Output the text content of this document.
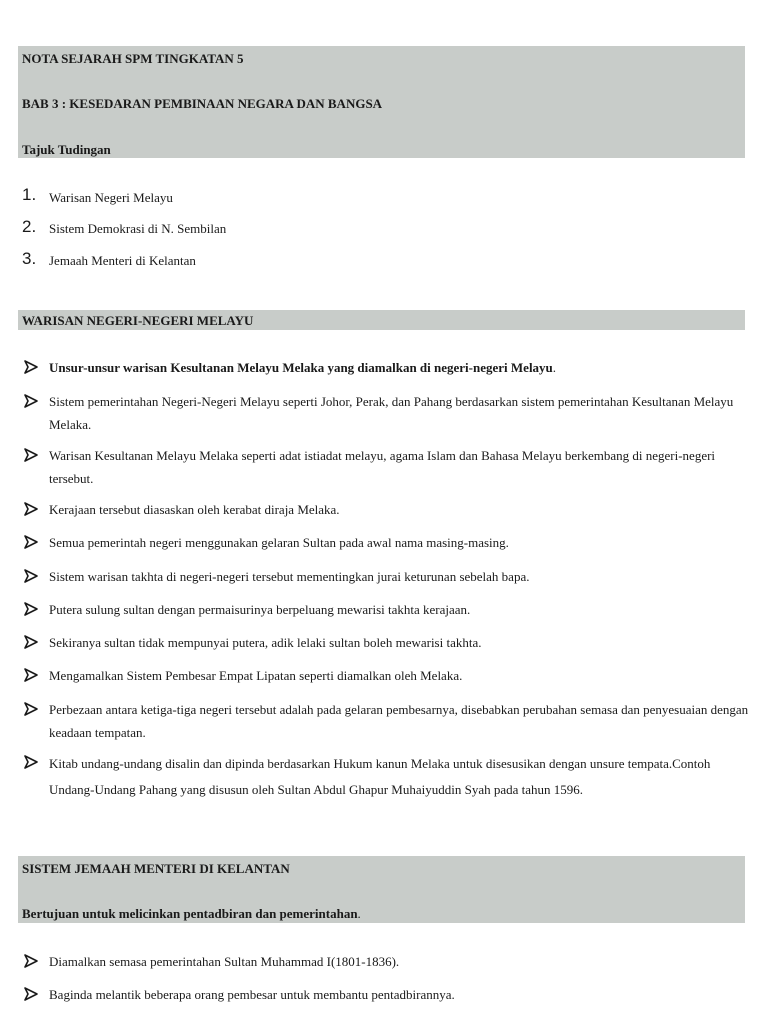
NOTA SEJARAH SPM TINGKATAN 5
BAB 3 : KESEDARAN PEMBINAAN NEGARA DAN BANGSA
Tajuk Tudingan
1. Warisan Negeri Melayu
2. Sistem Demokrasi di N. Sembilan
3. Jemaah Menteri di Kelantan
WARISAN NEGERI-NEGERI MELAYU
Unsur-unsur warisan Kesultanan Melayu Melaka yang diamalkan di negeri-negeri Melayu.
Sistem pemerintahan Negeri-Negeri Melayu seperti Johor, Perak, dan Pahang berdasarkan sistem pemerintahan Kesultanan Melayu Melaka.
Warisan Kesultanan Melayu Melaka seperti adat istiadat melayu, agama Islam dan Bahasa Melayu berkembang di negeri-negeri tersebut.
Kerajaan tersebut diasaskan oleh kerabat diraja Melaka.
Semua pemerintah negeri menggunakan gelaran Sultan pada awal nama masing-masing.
Sistem warisan takhta di negeri-negeri tersebut mementingkan jurai keturunan sebelah bapa.
Putera sulung sultan dengan permaisurinya berpeluang mewarisi takhta kerajaan.
Sekiranya sultan tidak mempunyai putera, adik lelaki sultan boleh mewarisi takhta.
Mengamalkan Sistem Pembesar Empat Lipatan seperti diamalkan oleh Melaka.
Perbezaan antara ketiga-tiga negeri tersebut adalah pada gelaran pembesarnya, disebabkan perubahan semasa dan penyesuaian dengan keadaan tempatan.
Kitab undang-undang disalin dan dipinda berdasarkan Hukum kanun Melaka untuk disesusikan dengan unsure tempata.Contoh Undang-Undang Pahang yang disusun oleh Sultan Abdul Ghapur Muhaiyuddin Syah pada tahun 1596.
SISTEM JEMAAH MENTERI DI KELANTAN
Bertujuan untuk melicinkan pentadbiran dan pemerintahan.
Diamalkan semasa pemerintahan Sultan Muhammad I(1801-1836).
Baginda melantik beberapa orang pembesar untuk membantu pentadbirannya.
